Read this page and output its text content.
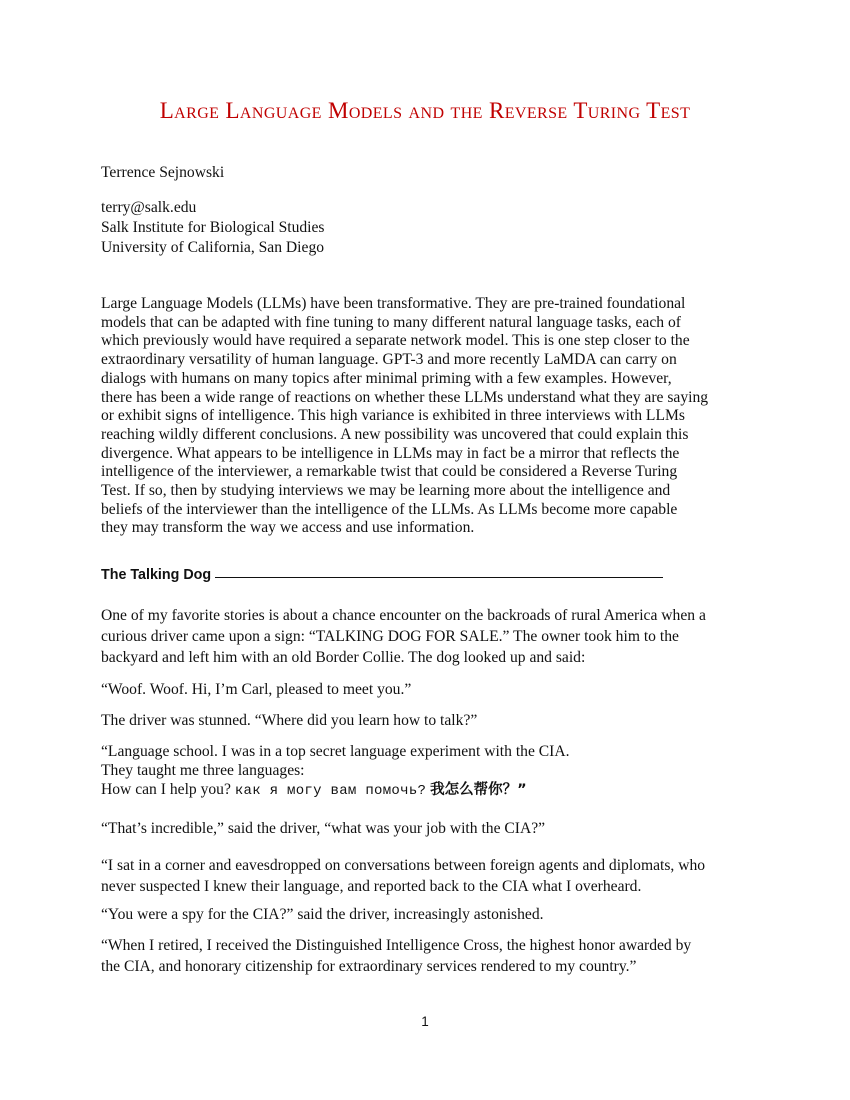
Large Language Models and the Reverse Turing Test
Terrence Sejnowski
terry@salk.edu
Salk Institute for Biological Studies
University of California, San Diego
Large Language Models (LLMs) have been transformative. They are pre-trained foundational
models that can be adapted with fine tuning to many different natural language tasks, each of
which previously would have required a separate network model. This is one step closer to the
extraordinary versatility of human language. GPT-3 and more recently LaMDA can carry on
dialogs with humans on many topics after minimal priming with a few examples. However,
there has been a wide range of reactions on whether these LLMs understand what they are saying
or exhibit signs of intelligence. This high variance is exhibited in three interviews with LLMs
reaching wildly different conclusions. A new possibility was uncovered that could explain this
divergence. What appears to be intelligence in LLMs may in fact be a mirror that reflects the
intelligence of the interviewer, a remarkable twist that could be considered a Reverse Turing
Test. If so, then by studying interviews we may be learning more about the intelligence and
beliefs of the interviewer than the intelligence of the LLMs. As LLMs become more capable
they may transform the way we access and use information.
The Talking Dog
One of my favorite stories is about a chance encounter on the backroads of rural America when a
curious driver came upon a sign: “TALKING DOG FOR SALE.” The owner took him to the
backyard and left him with an old Border Collie. The dog looked up and said:
“Woof. Woof. Hi, I’m Carl, pleased to meet you.”
The driver was stunned. “Where did you learn how to talk?”
“Language school. I was in a top secret language experiment with the CIA.
They taught me three languages:
How can I help you? как я могу вам помочь? 我怎么帮你？”
“That’s incredible,” said the driver, “what was your job with the CIA?”
“I sat in a corner and eavesdropped on conversations between foreign agents and diplomats, who
never suspected I knew their language, and reported back to the CIA what I overheard.
“You were a spy for the CIA?” said the driver, increasingly astonished.
“When I retired, I received the Distinguished Intelligence Cross, the highest honor awarded by
the CIA, and honorary citizenship for extraordinary services rendered to my country.”
1
